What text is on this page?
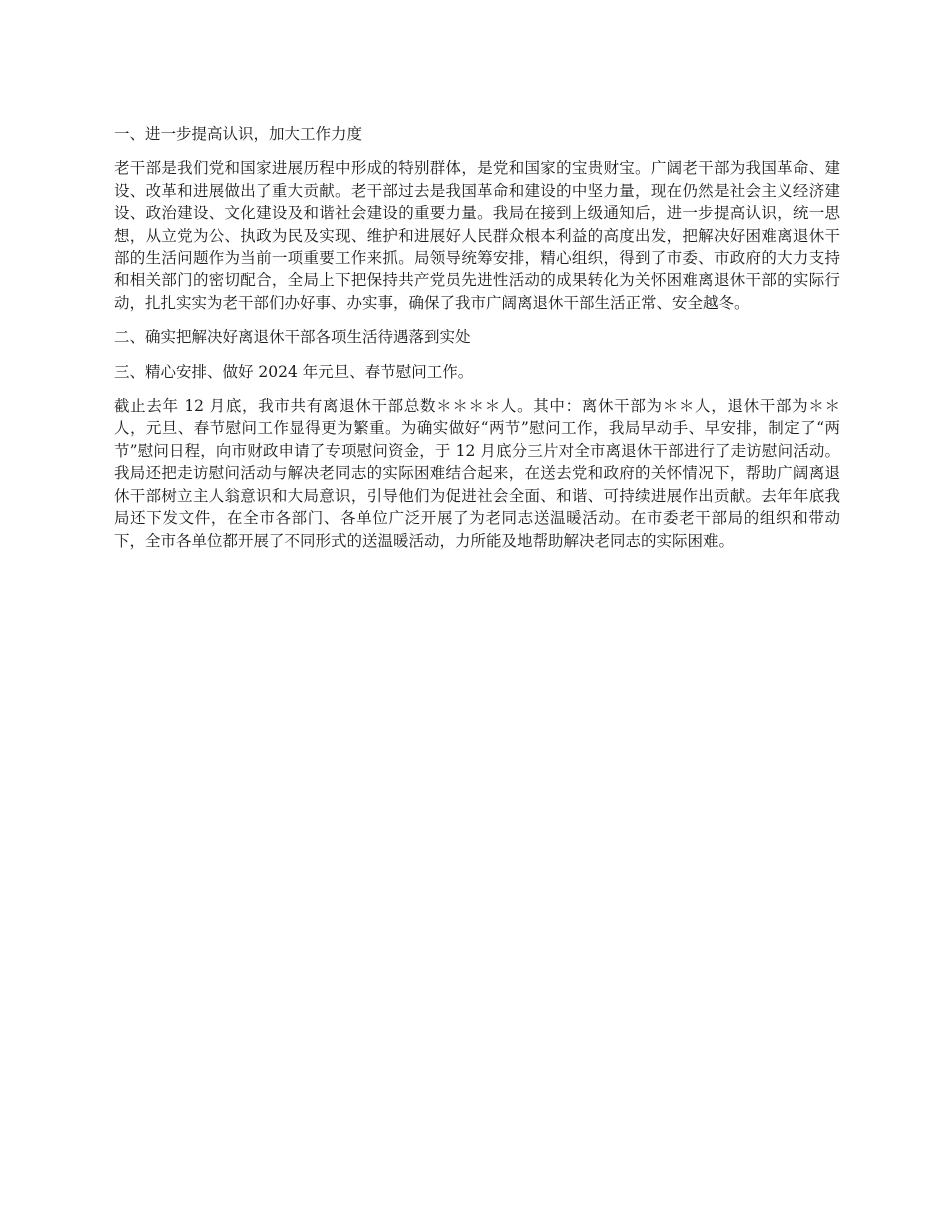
一、进一步提高认识，加大工作力度

老干部是我们党和国家进展历程中形成的特别群体，是党和国家的宝贵财宝。广阔老干部为我国革命、建设、改革和进展做出了重大贡献。老干部过去是我国革命和建设的中坚力量，现在仍然是社会主义经济建设、政治建设、文化建设及和谐社会建设的重要力量。我局在接到上级通知后，进一步提高认识，统一思想，从立党为公、执政为民及实现、维护和进展好人民群众根本利益的高度出发，把解决好困难离退休干部的生活问题作为当前一项重要工作来抓。局领导统筹安排，精心组织，得到了市委、市政府的大力支持和相关部门的密切配合，全局上下把保持共产党员先进性活动的成果转化为关怀困难离退休干部的实际行动，扎扎实实为老干部们办好事、办实事，确保了我市广阔离退休干部生活正常、安全越冬。

二、确实把解决好离退休干部各项生活待遇落到实处

三、精心安排、做好 2024 年元旦、春节慰问工作。

截止去年 12 月底，我市共有离退休干部总数＊＊＊＊人。其中：离休干部为＊＊人，退休干部为＊＊人，元旦、春节慰问工作显得更为繁重。为确实做好“两节”慰问工作，我局早动手、早安排，制定了“两节”慰问日程，向市财政申请了专项慰问资金，于 12 月底分三片对全市离退休干部进行了走访慰问活动。我局还把走访慰问活动与解决老同志的实际困难结合起来，在送去党和政府的关怀情况下，帮助广阔离退休干部树立主人翁意识和大局意识，引导他们为促进社会全面、和谐、可持续进展作出贡献。去年年底我局还下发文件，在全市各部门、各单位广泛开展了为老同志送温暖活动。在市委老干部局的组织和带动下，全市各单位都开展了不同形式的送温暖活动，力所能及地帮助解决老同志的实际困难。
